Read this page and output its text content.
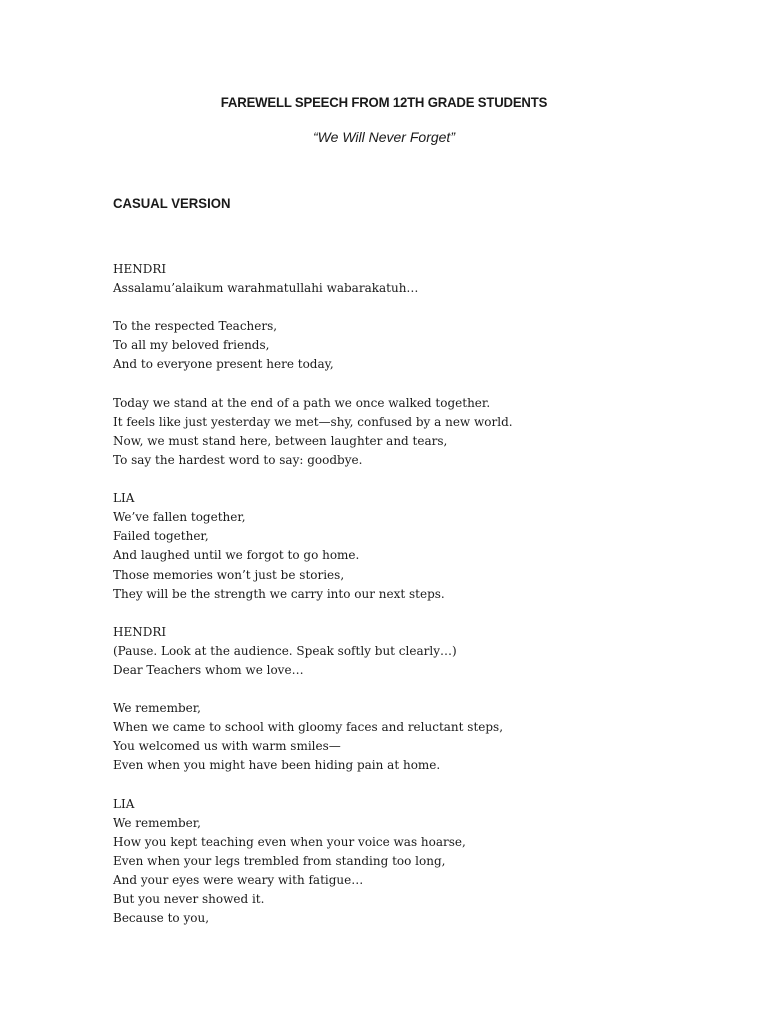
FAREWELL SPEECH FROM 12TH GRADE STUDENTS
“We Will Never Forget”
CASUAL VERSION
HENDRI
Assalamu’alaikum warahmatullahi wabarakatuh…
To the respected Teachers,
To all my beloved friends,
And to everyone present here today,
Today we stand at the end of a path we once walked together.
It feels like just yesterday we met—shy, confused by a new world.
Now, we must stand here, between laughter and tears,
To say the hardest word to say: goodbye.
LIA
We’ve fallen together,
Failed together,
And laughed until we forgot to go home.
Those memories won’t just be stories,
They will be the strength we carry into our next steps.
HENDRI
(Pause. Look at the audience. Speak softly but clearly…)
Dear Teachers whom we love…
We remember,
When we came to school with gloomy faces and reluctant steps,
You welcomed us with warm smiles—
Even when you might have been hiding pain at home.
LIA
We remember,
How you kept teaching even when your voice was hoarse,
Even when your legs trembled from standing too long,
And your eyes were weary with fatigue…
But you never showed it.
Because to you,
